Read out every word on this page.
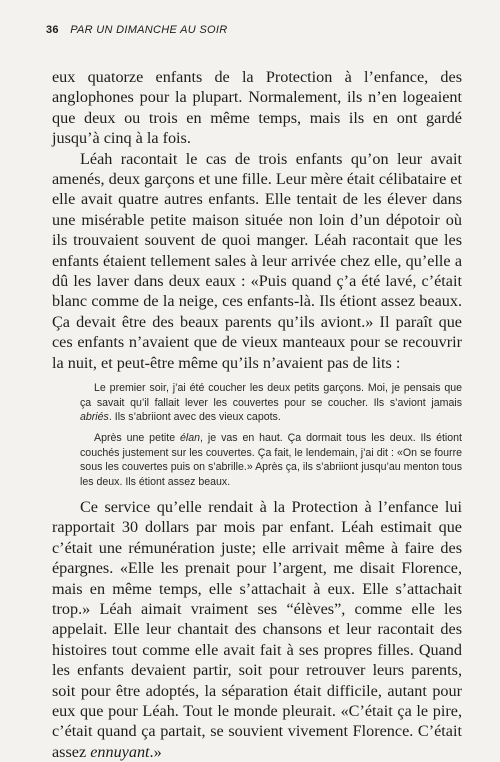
36 PAR UN DIMANCHE AU SOIR

eux quatorze enfants de la Protection à l’enfance, des anglophones pour la plupart. Normalement, ils n’en logeaient que deux ou trois en même temps, mais ils en ont gardé jusqu’à cinq à la fois.

Léah racontait le cas de trois enfants qu’on leur avait amenés, deux garçons et une fille. Leur mère était célibataire et elle avait quatre autres enfants. Elle tentait de les élever dans une misérable petite maison située non loin d’un dépotoir où ils trouvaient souvent de quoi manger. Léah racontait que les enfants étaient tellement sales à leur arrivée chez elle, qu’elle a dû les laver dans deux eaux : «Puis quand ç’a été lavé, c’était blanc comme de la neige, ces enfants-là. Ils étiont assez beaux. Ça devait être des beaux parents qu’ils aviont.» Il paraît que ces enfants n’avaient que de vieux manteaux pour se recouvrir la nuit, et peut-être même qu’ils n’avaient pas de lits :

Le premier soir, j’ai été coucher les deux petits garçons. Moi, je pensais que ça savait qu’il fallait lever les couvertes pour se coucher. Ils s’aviont jamais abriés. Ils s’abriiont avec des vieux capots.

Après une petite élan, je vas en haut. Ça dormait tous les deux. Ils étiont couchés justement sur les couvertes. Ça fait, le lendemain, j’ai dit : «On se fourre sous les couvertes puis on s’abrille.» Après ça, ils s’abriiont jusqu’au menton tous les deux. Ils étiont assez beaux.

Ce service qu’elle rendait à la Protection à l’enfance lui rapportait 30 dollars par mois par enfant. Léah estimait que c’était une rémunération juste; elle arrivait même à faire des épargnes. «Elle les prenait pour l’argent, me disait Florence, mais en même temps, elle s’attachait à eux. Elle s’attachait trop.» Léah aimait vraiment ses “élèves”, comme elle les appelait. Elle leur chantait des chansons et leur racontait des histoires tout comme elle avait fait à ses propres filles. Quand les enfants devaient partir, soit pour retrouver leurs parents, soit pour être adoptés, la séparation était difficile, autant pour eux que pour Léah. Tout le monde pleurait. «C’était ça le pire, c’était quand ça partait, se souvient vivement Florence. C’était assez ennuyant.»
